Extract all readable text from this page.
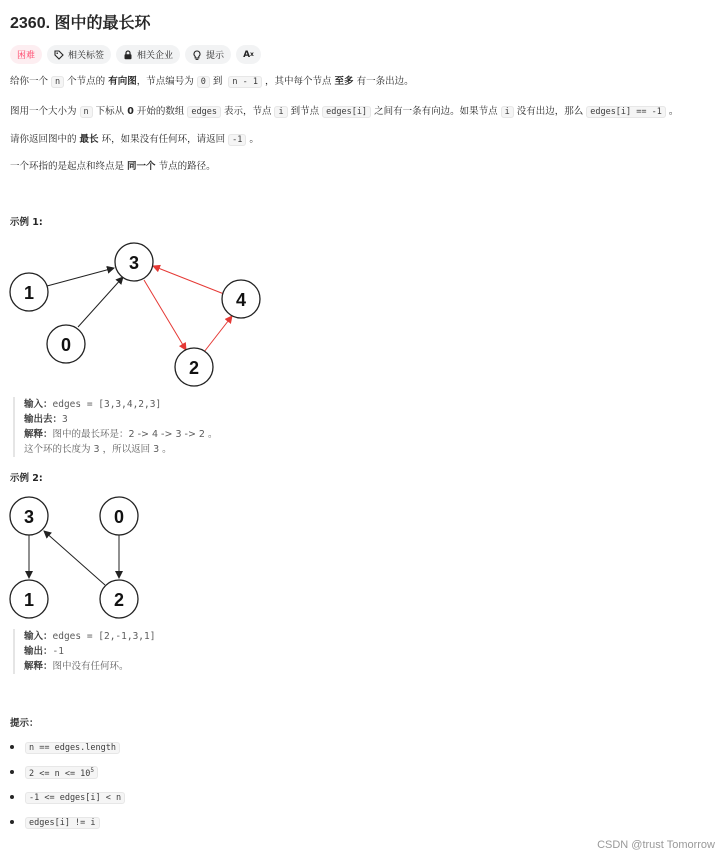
2360. 图中的最长环
困难	相关标签	相关企业	提示 A x
给你一个 n 个节点的 有向图，节点编号为 0 到 n - 1 ，其中每个节点 至多 有一条出边。
图用一个大小为 n 下标从 0 开始的数组 edges 表示，节点 i 到节点 edges[i] 之间有一条有向边。如果节点 i 没有出边，那么 edges[i] == -1 。
请你返回图中的 最长 环，如果没有任何环，请返回 -1 。
一个环指的是起点和终点是 同一个 节点的路径。
示例 1:
3
1	4
0
2
输入：edges = [3,3,4,2,3]
输出去：3
解释：图中的最长环是：2 -> 4 -> 3 -> 2 。
这个环的长度为 3 ，所以返回 3 。
示例 2:
3	0
1	2
输入：edges = [2,-1,3,1]
输出：-1
解释：图中没有任何环。
提示：
n == edges.length
$2 <= n <= 10^5$
-1 <= edges[i] < n
edges[i] != i
CSDN @trust Tomorrow
